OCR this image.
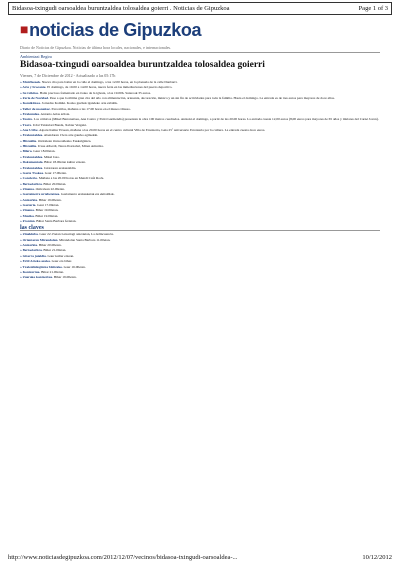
Bidasoa-txingudi oarsoaldea buruntzaldea tolosaldea goierri . Noticias de Gipuzkoa	Page 1 of 3
■noticias de Gipuzkoa
Diario de Noticias de Gipuzkoa. Noticias de última hora locales, nacionales, e internacionales.
Ambientazi Begira
Bidasoa-txingudi oarsoaldea buruntzaldea tolosaldea goierri
Viernes, 7 de Diciembre de 2012 - Actualizado a las 05:17h

» Mutrikeaok. Nueva cita para bailar en la calle el domingo, a las 12.00 horas, en la plazuela de la calle Danbarri.

» Arte y brocante. El domingo, de 10.00 a 14.00 horas, nueva feria en las inmediaciones del puerto deportivo.

» Su txikitos. Baile precioso fomentado en txoko de la iglesia, a las 19.00h. Suteroak 35 euros.

» Feria de Navidad. Pese a que la última gran cita del año con alimentación, artesanía, decoración, música y un sin fin de actividades para toda la familia. Hasta el domingo. La entrada es de tres euros para mayores de doce años.

» Komikitxoa. Jornadas Komiki. Kosko guztiek igandeko arte zabalik.

» Taller de monaitoz. Para niños, mañana a las 17.00 horas en el museo Oiasso.

» Erakundea. Antonio Arias artista.

» Teatro. Los cómicos (Mikel Barrenetxea, Ana Castro y Patxi Garmendia) presentan la obra 100 metros cuadrados. Antzoki el domingo, a partir de las 20.00 horas. La entrada cuesta 12,00 euros (8,00 euros para mayores de 65 años y titulares del Carné Joven).

» Txotx. Udal Txistulari Banda, Xabier Vergaki.

» Ane Uribe. Aipatu Kultur Etxean, mañana a las 20.00 horas en el centro cultural Villa de Errenteria, Gaia 25º aniversario Errenteria por la cultura. La entrada cuesta doce euros.

» Erakustaldea. Abendaren 15era arte gaurko egileekin.

» Hitzaldia. Ostiralean Oarsoaldeako Euskalgintza.

» Hitzaldia. Uxue Alberdi, Nerea Ibarzabal, Miren Amuriza.

» Bilera. Gaur 18.00etan.

» Erakustaldea. Mikel Jaso.

» Dokumentala. Bihar 18.00etan kultur etxean.

» Erakustaldea. Jaiotzaren erakustaldia.

» Gazte Txokoa. Gaur 17.00etan.

» Concierto. Mañana a las 20.00 horas en Mendi Café Rock.

» Bertsolaritza. Bihar 20.00etan.

» Zinema. Ostiralean 22.00etan.

» Gaztainerre urtebetetzea. Gaztainerre erakusketak eta ekitaldiak.

» Antzerkia. Bihar 19.00etan.

» Gazteria. Gaur 17.00etan.

» Zinema. Bihar 19.00etan.

» Musika. Bihar 19.00etan.

» Frontón. Bihar Santa Barbara ferietan.

las claves

» Zinekluba. Gaur 22.15etan Latsariagi antzokian, La delincuencia.

» Orientaren Mirandolan. Mirandolan Santa Barbara 11.00etan.

» Antzerkia. Bihar 20.00etan.

» Bertsolaritza. Bihar 21.00etan.

» Gitarra jaialdia. Gaur kultur etxean.

» Ertil Arteko azoka. Gaur eta bihar.

» Txalenbidegintza bizitzeko. Gaur 16.00etan.

» Kontzertua. Bihar 21.00etan.

» Zuerako kontzertua. Bihar 19.00etan.

http://www.noticiasdegipuzkoa.com/2012/12/07/vecinos/bidasoa-txingudi-oarsoaldea-...	10/12/2012
